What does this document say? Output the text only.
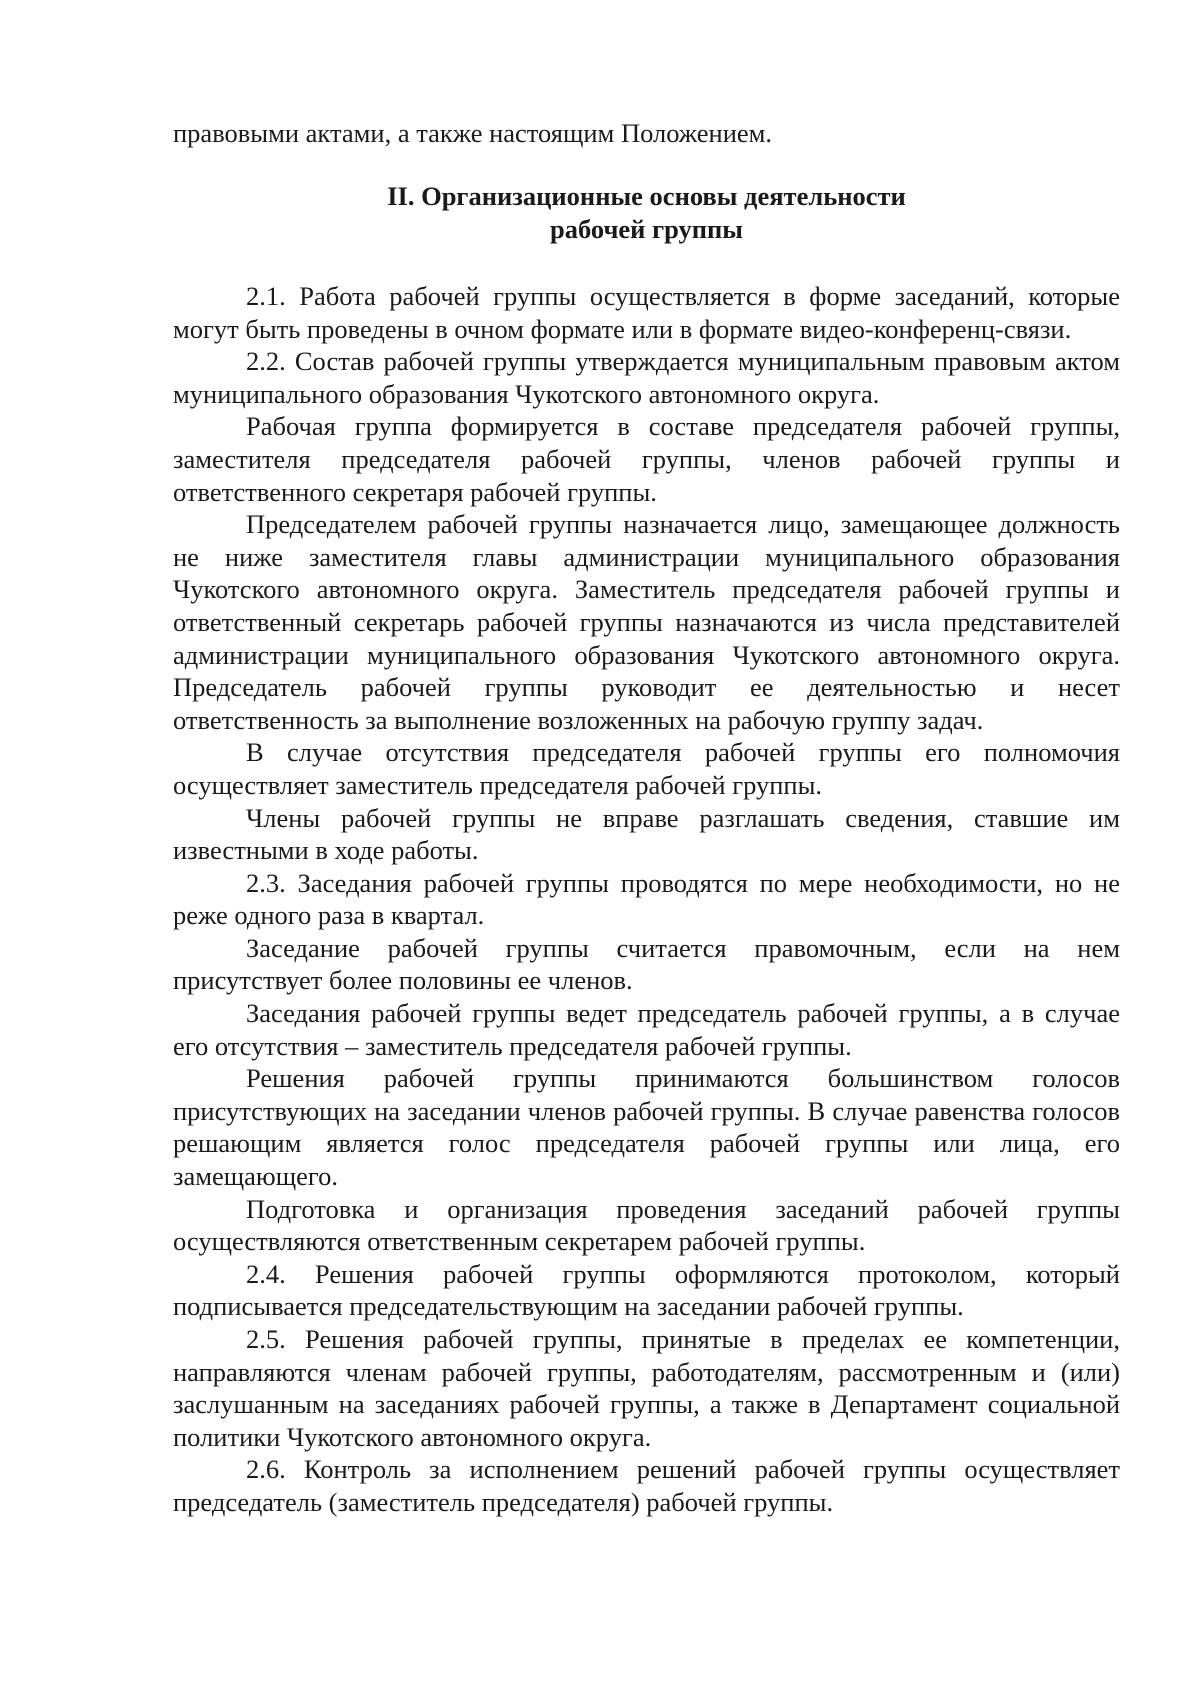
правовыми актами, а также настоящим Положением.

II. Организационные основы деятельности
рабочей группы

2.1. Работа рабочей группы осуществляется в форме заседаний, которые могут быть проведены в очном формате или в формате видео-конференц-связи.

2.2. Состав рабочей группы утверждается муниципальным правовым актом муниципального образования Чукотского автономного округа.

Рабочая группа формируется в составе председателя рабочей группы, заместителя председателя рабочей группы, членов рабочей группы и ответственного секретаря рабочей группы.

Председателем рабочей группы назначается лицо, замещающее должность не ниже заместителя главы администрации муниципального образования Чукотского автономного округа. Заместитель председателя рабочей группы и ответственный секретарь рабочей группы назначаются из числа представителей администрации муниципального образования Чукотского автономного округа. Председатель рабочей группы руководит ее деятельностью и несет ответственность за выполнение возложенных на рабочую группу задач.

В случае отсутствия председателя рабочей группы его полномочия осуществляет заместитель председателя рабочей группы.

Члены рабочей группы не вправе разглашать сведения, ставшие им известными в ходе работы.

2.3. Заседания рабочей группы проводятся по мере необходимости, но не реже одного раза в квартал.

Заседание рабочей группы считается правомочным, если на нем присутствует более половины ее членов.

Заседания рабочей группы ведет председатель рабочей группы, а в случае его отсутствия – заместитель председателя рабочей группы.

Решения рабочей группы принимаются большинством голосов присутствующих на заседании членов рабочей группы. В случае равенства голосов решающим является голос председателя рабочей группы или лица, его замещающего.

Подготовка и организация проведения заседаний рабочей группы осуществляются ответственным секретарем рабочей группы.

2.4. Решения рабочей группы оформляются протоколом, который подписывается председательствующим на заседании рабочей группы.

2.5. Решения рабочей группы, принятые в пределах ее компетенции, направляются членам рабочей группы, работодателям, рассмотренным и (или) заслушанным на заседаниях рабочей группы, а также в Департамент социальной политики Чукотского автономного округа.

2.6. Контроль за исполнением решений рабочей группы осуществляет председатель (заместитель председателя) рабочей группы.
